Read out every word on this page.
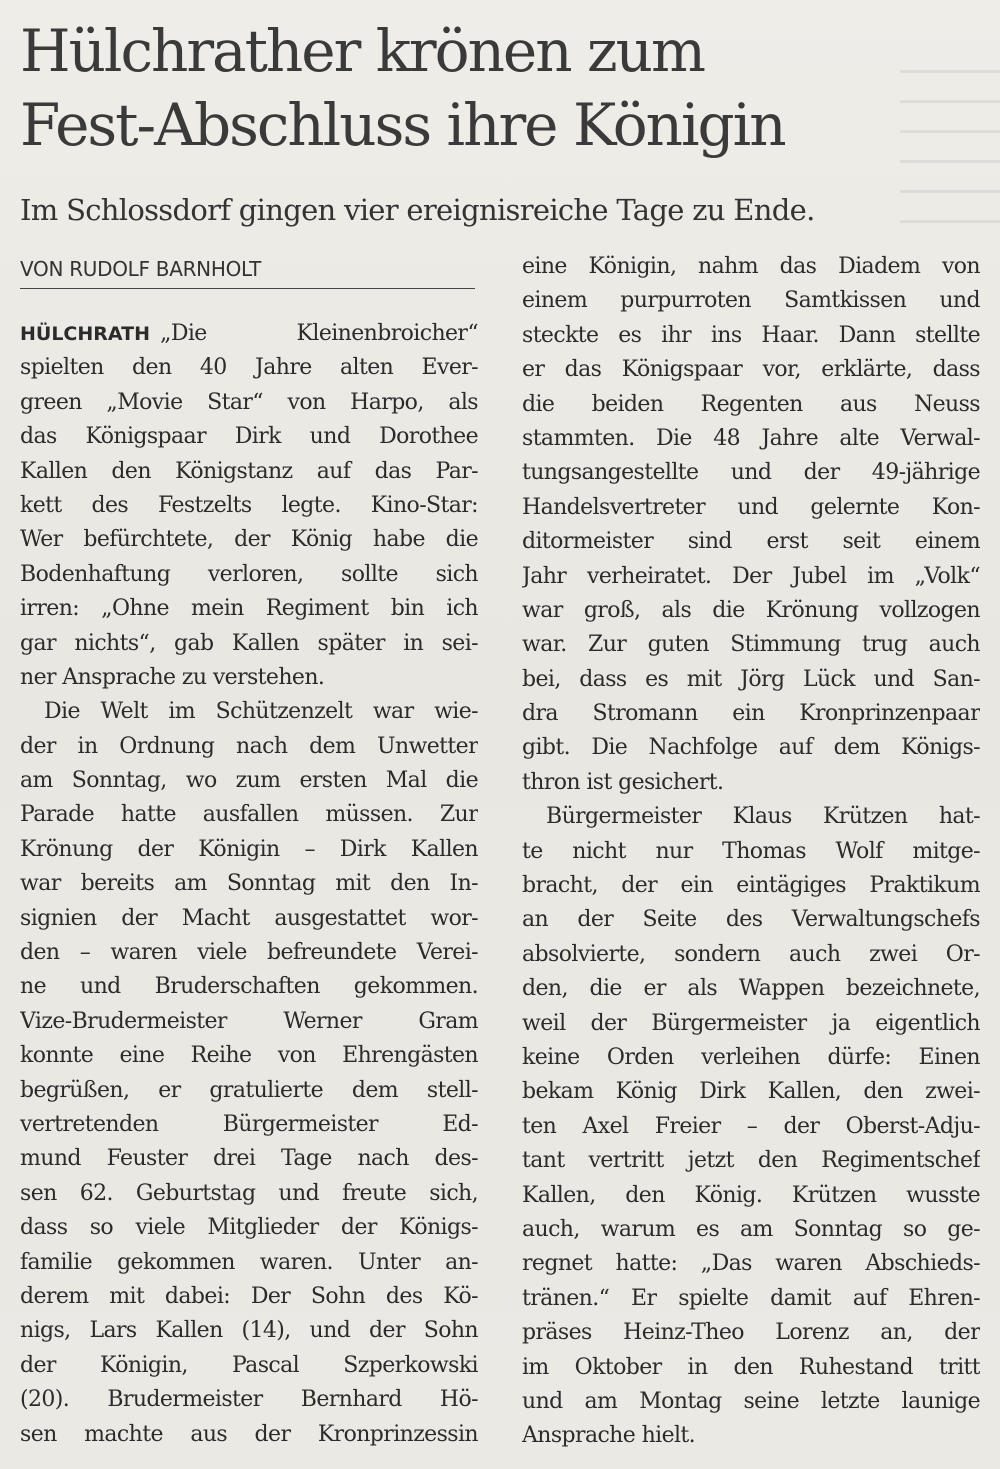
Hülchrather krönen zum
Fest-Abschluss ihre Königin
Im Schlossdorf gingen vier ereignisreiche Tage zu Ende.
VON RUDOLF BARNHOLT
HÜLCHRATH „Die Kleinenbroicher“
spielten den 40 Jahre alten Ever-
green „Movie Star“ von Harpo, als
das Königspaar Dirk und Dorothee
Kallen den Königstanz auf das Par-
kett des Festzelts legte. Kino-Star:
Wer befürchtete, der König habe die
Bodenhaftung verloren, sollte sich
irren: „Ohne mein Regiment bin ich
gar nichts“, gab Kallen später in sei-
ner Ansprache zu verstehen.
Die Welt im Schützenzelt war wie-
der in Ordnung nach dem Unwetter
am Sonntag, wo zum ersten Mal die
Parade hatte ausfallen müssen. Zur
Krönung der Königin – Dirk Kallen
war bereits am Sonntag mit den In-
signien der Macht ausgestattet wor-
den – waren viele befreundete Verei-
ne und Bruderschaften gekommen.
Vize-Brudermeister Werner Gram
konnte eine Reihe von Ehrengästen
begrüßen, er gratulierte dem stell-
vertretenden Bürgermeister Ed-
mund Feuster drei Tage nach des-
sen 62. Geburtstag und freute sich,
dass so viele Mitglieder der Königs-
familie gekommen waren. Unter an-
derem mit dabei: Der Sohn des Kö-
nigs, Lars Kallen (14), und der Sohn
der Königin, Pascal Szperkowski
(20). Brudermeister Bernhard Hö-
sen machte aus der Kronprinzessin
eine Königin, nahm das Diadem von
einem purpurroten Samtkissen und
steckte es ihr ins Haar. Dann stellte
er das Königspaar vor, erklärte, dass
die beiden Regenten aus Neuss
stammten. Die 48 Jahre alte Verwal-
tungsangestellte und der 49-jährige
Handelsvertreter und gelernte Kon-
ditormeister sind erst seit einem
Jahr verheiratet. Der Jubel im „Volk“
war groß, als die Krönung vollzogen
war. Zur guten Stimmung trug auch
bei, dass es mit Jörg Lück und San-
dra Stromann ein Kronprinzenpaar
gibt. Die Nachfolge auf dem Königs-
thron ist gesichert.
Bürgermeister Klaus Krützen hat-
te nicht nur Thomas Wolf mitge-
bracht, der ein eintägiges Praktikum
an der Seite des Verwaltungschefs
absolvierte, sondern auch zwei Or-
den, die er als Wappen bezeichnete,
weil der Bürgermeister ja eigentlich
keine Orden verleihen dürfe: Einen
bekam König Dirk Kallen, den zwei-
ten Axel Freier – der Oberst-Adju-
tant vertritt jetzt den Regimentschef
Kallen, den König. Krützen wusste
auch, warum es am Sonntag so ge-
regnet hatte: „Das waren Abschieds-
tränen.“ Er spielte damit auf Ehren-
präses Heinz-Theo Lorenz an, der
im Oktober in den Ruhestand tritt
und am Montag seine letzte launige
Ansprache hielt.
